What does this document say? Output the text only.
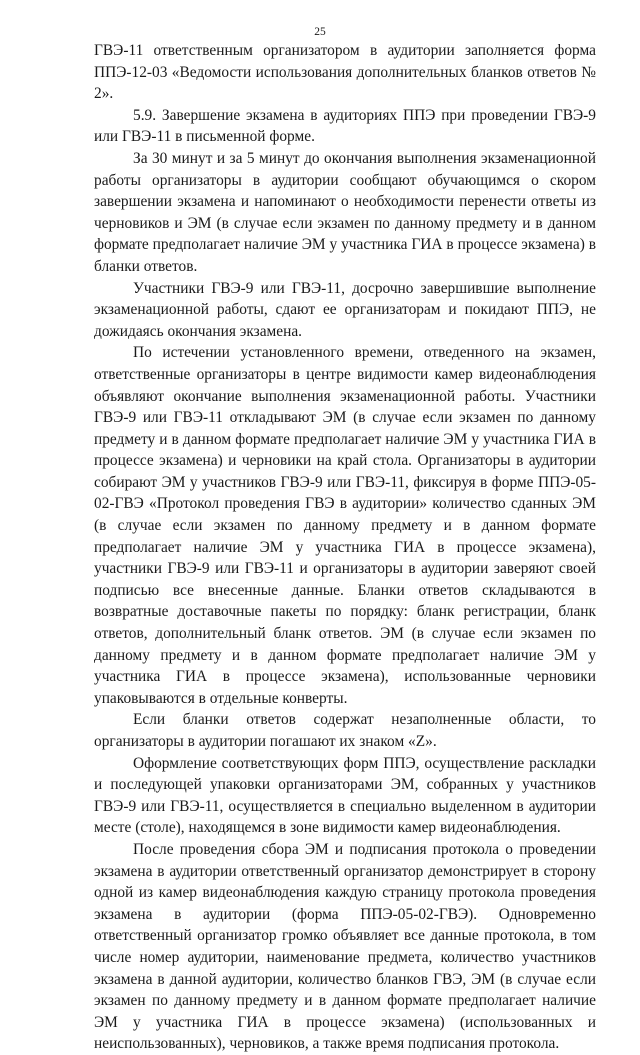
25

ГВЭ-11 ответственным организатором в аудитории заполняется форма ППЭ-12-03 «Ведомости использования дополнительных бланков ответов № 2».

5.9. Завершение экзамена в аудиториях ППЭ при проведении ГВЭ-9 или ГВЭ-11 в письменной форме.

За 30 минут и за 5 минут до окончания выполнения экзаменационной работы организаторы в аудитории сообщают обучающимся о скором завершении экзамена и напоминают о необходимости перенести ответы из черновиков и ЭМ (в случае если экзамен по данному предмету и в данном формате предполагает наличие ЭМ у участника ГИА в процессе экзамена) в бланки ответов.

Участники ГВЭ-9 или ГВЭ-11, досрочно завершившие выполнение экзаменационной работы, сдают ее организаторам и покидают ППЭ, не дожидаясь окончания экзамена.

По истечении установленного времени, отведенного на экзамен, ответственные организаторы в центре видимости камер видеонаблюдения объявляют окончание выполнения экзаменационной работы. Участники ГВЭ-9 или ГВЭ-11 откладывают ЭМ (в случае если экзамен по данному предмету и в данном формате предполагает наличие ЭМ у участника ГИА в процессе экзамена) и черновики на край стола. Организаторы в аудитории собирают ЭМ у участников ГВЭ-9 или ГВЭ-11, фиксируя в форме ППЭ-05-02-ГВЭ «Протокол проведения ГВЭ в аудитории» количество сданных ЭМ (в случае если экзамен по данному предмету и в данном формате предполагает наличие ЭМ у участника ГИА в процессе экзамена), участники ГВЭ-9 или ГВЭ-11 и организаторы в аудитории заверяют своей подписью все внесенные данные. Бланки ответов складываются в возвратные доставочные пакеты по порядку: бланк регистрации, бланк ответов, дополнительный бланк ответов. ЭМ (в случае если экзамен по данному предмету и в данном формате предполагает наличие ЭМ у участника ГИА в процессе экзамена), использованные черновики упаковываются в отдельные конверты.

Если бланки ответов содержат незаполненные области, то организаторы в аудитории погашают их знаком «Z».

Оформление соответствующих форм ППЭ, осуществление раскладки и последующей упаковки организаторами ЭМ, собранных у участников ГВЭ-9 или ГВЭ-11, осуществляется в специально выделенном в аудитории месте (столе), находящемся в зоне видимости камер видеонаблюдения.

После проведения сбора ЭМ и подписания протокола о проведении экзамена в аудитории ответственный организатор демонстрирует в сторону одной из камер видеонаблюдения каждую страницу протокола проведения экзамена в аудитории (форма ППЭ-05-02-ГВЭ). Одновременно ответственный организатор громко объявляет все данные протокола, в том числе номер аудитории, наименование предмета, количество участников экзамена в данной аудитории, количество бланков ГВЭ, ЭМ (в случае если экзамен по данному предмету и в данном формате предполагает наличие ЭМ у участника ГИА в процессе экзамена) (использованных и неиспользованных), черновиков, а также время подписания протокола.
